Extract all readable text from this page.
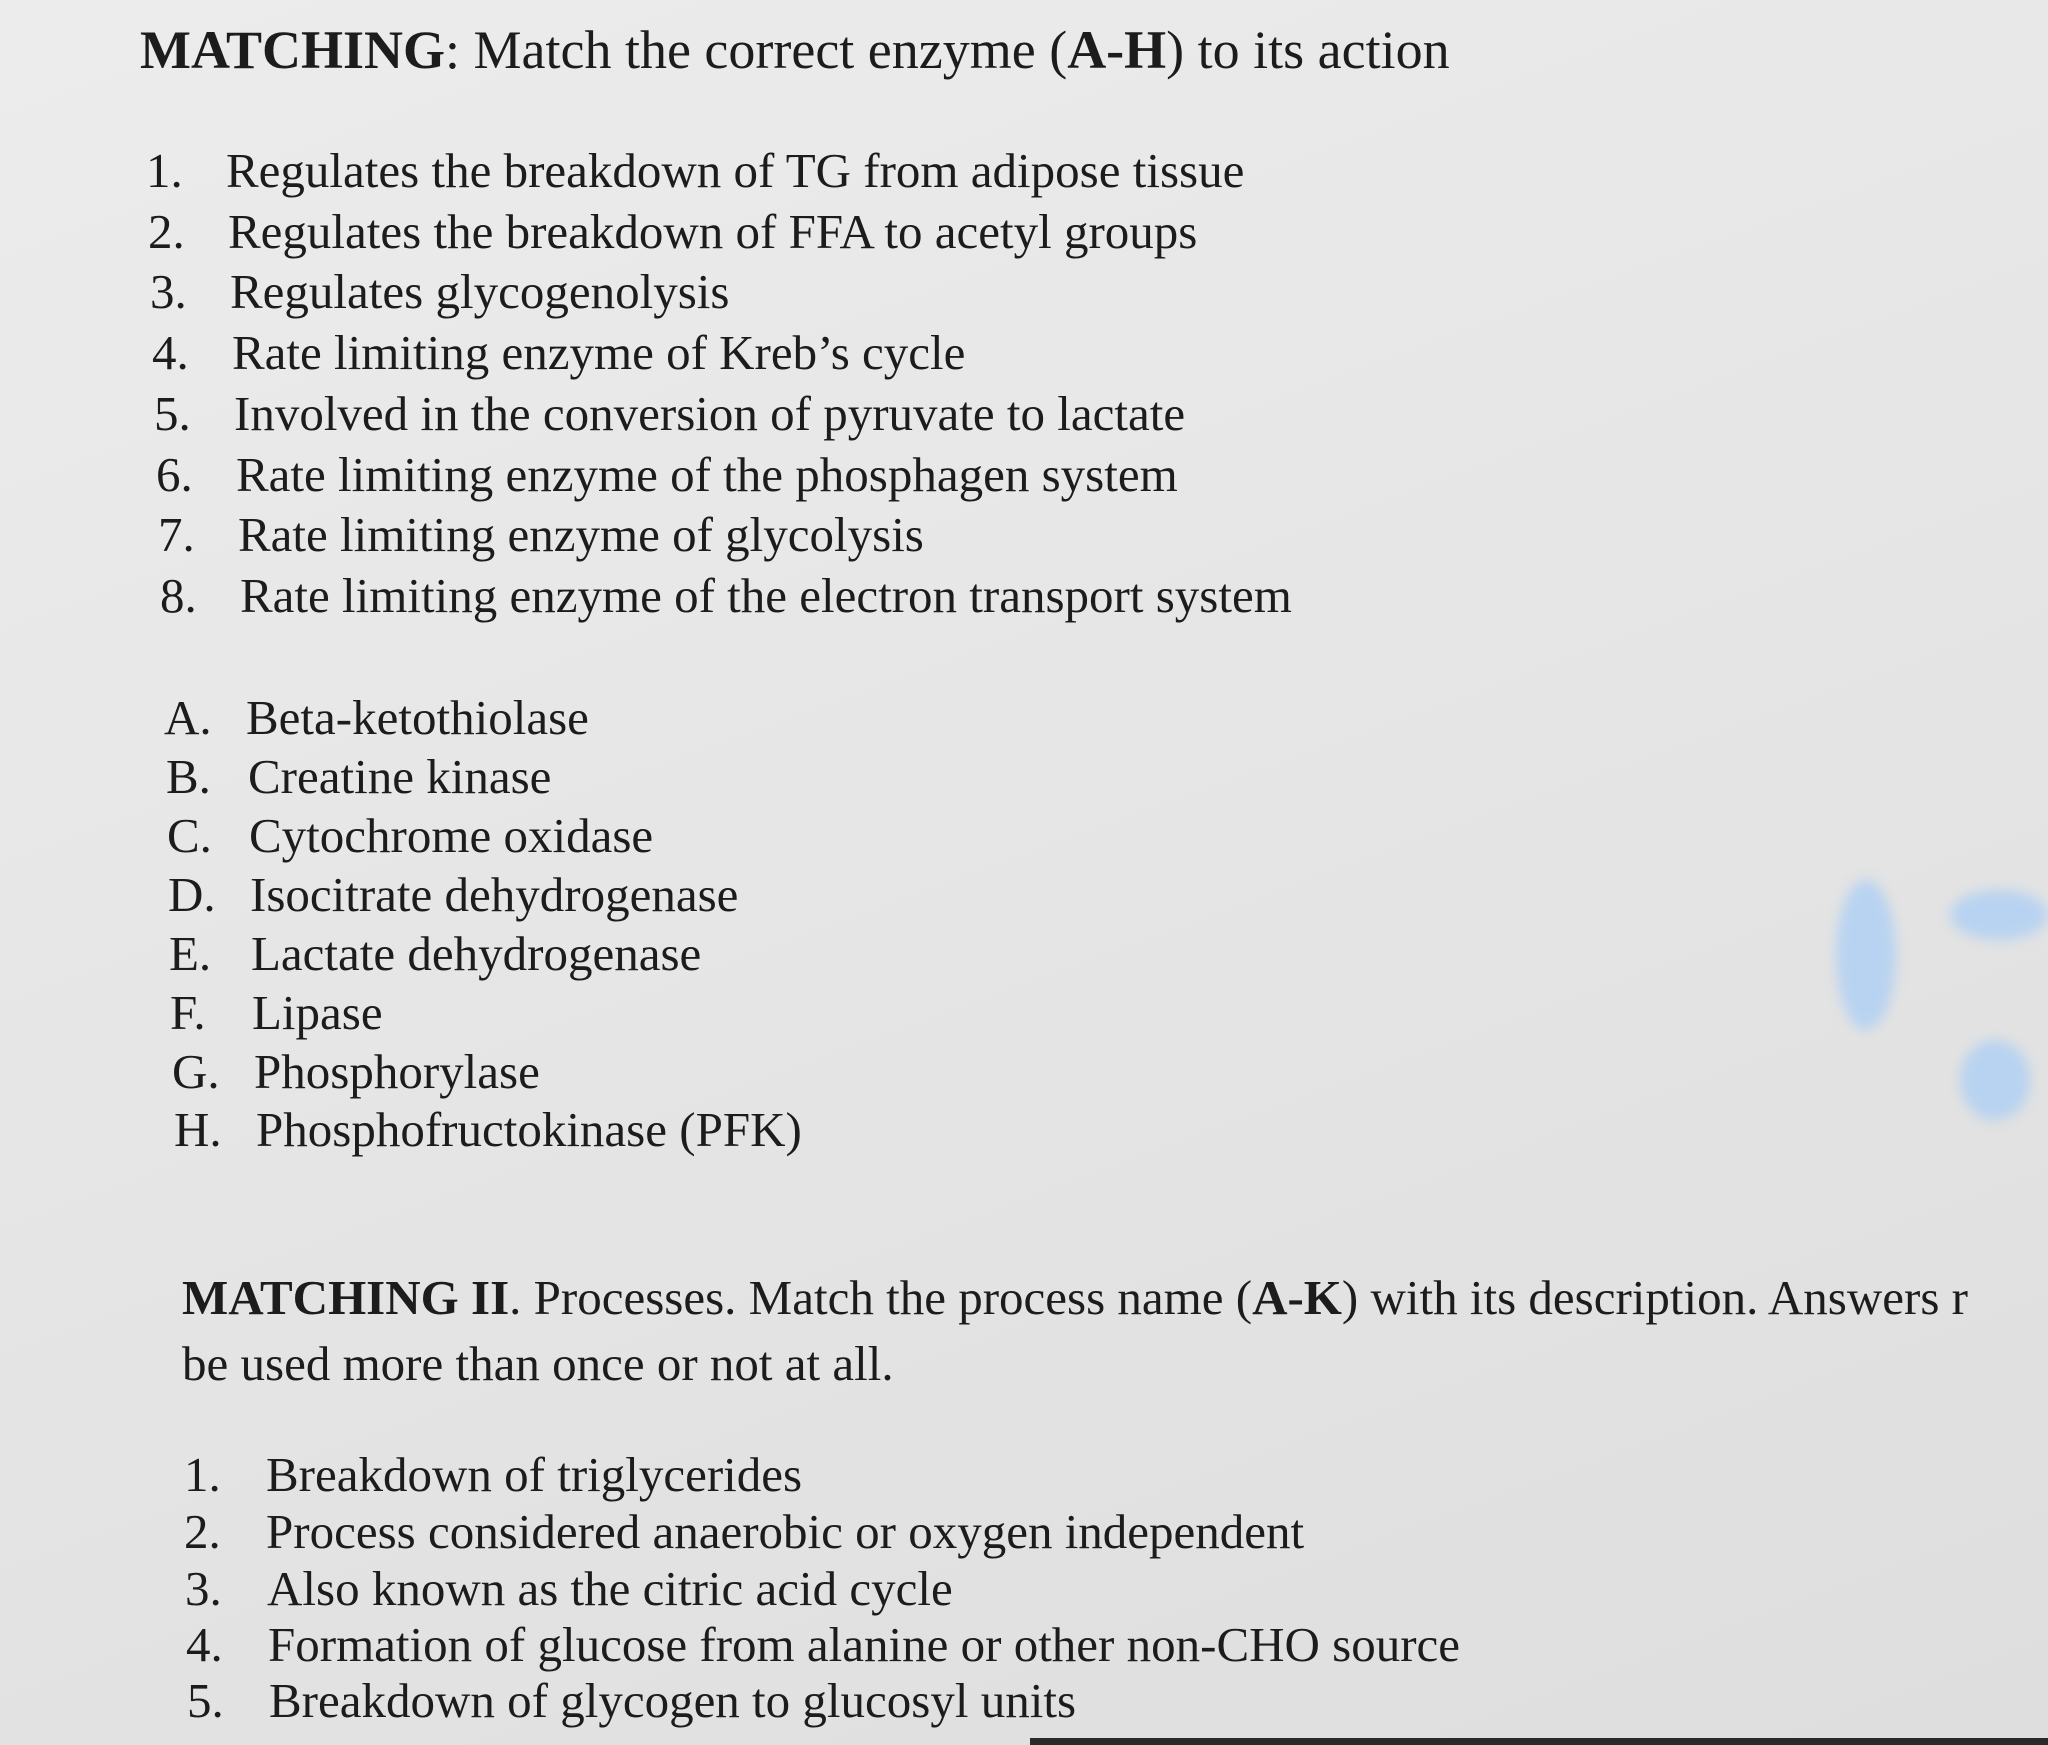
MATCHING: Match the correct enzyme (A-H) to its action
1. Regulates the breakdown of TG from adipose tissue
2. Regulates the breakdown of FFA to acetyl groups
3. Regulates glycogenolysis
4. Rate limiting enzyme of Kreb’s cycle
5. Involved in the conversion of pyruvate to lactate
6. Rate limiting enzyme of the phosphagen system
7. Rate limiting enzyme of glycolysis
8. Rate limiting enzyme of the electron transport system
A. Beta-ketothiolase
B. Creatine kinase
C. Cytochrome oxidase
D. Isocitrate dehydrogenase
E. Lactate dehydrogenase
F. Lipase
G. Phosphorylase
H. Phosphofructokinase (PFK)
MATCHING II. Processes. Match the process name (A-K) with its description. Answers r
be used more than once or not at all.
1. Breakdown of triglycerides
2. Process considered anaerobic or oxygen independent
3. Also known as the citric acid cycle
4. Formation of glucose from alanine or other non-CHO source
5. Breakdown of glycogen to glucosyl units
